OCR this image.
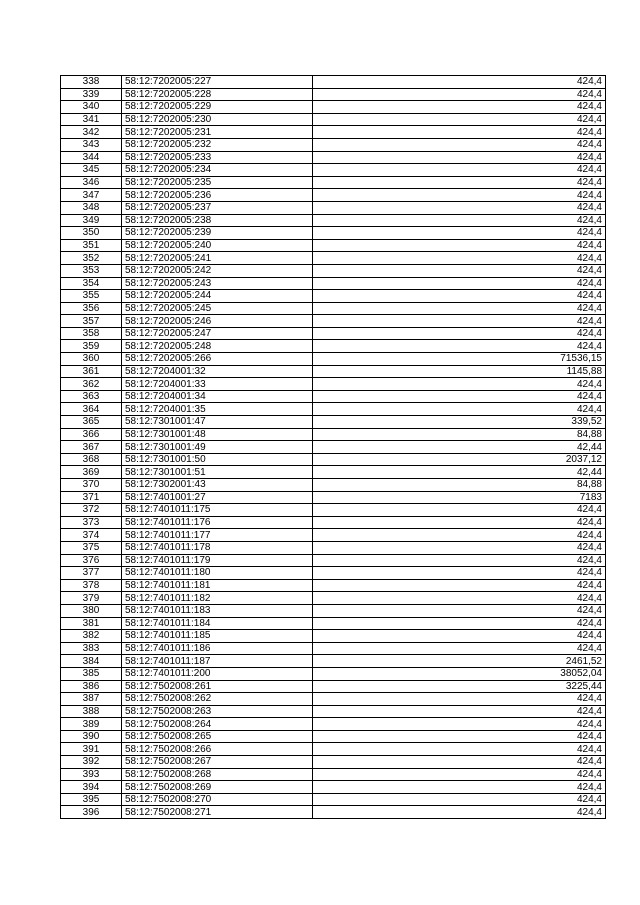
338	58:12:7202005:227	424,4
339	58:12:7202005:228	424,4
340	58:12:7202005:229	424,4
341	58:12:7202005:230	424,4
342	58:12:7202005:231	424,4
343	58:12:7202005:232	424,4
344	58:12:7202005:233	424,4
345	58:12:7202005:234	424,4
346	58:12:7202005:235	424,4
347	58:12:7202005:236	424,4
348	58:12:7202005:237	424,4
349	58:12:7202005:238	424,4
350	58:12:7202005:239	424,4
351	58:12:7202005:240	424,4
352	58:12:7202005:241	424,4
353	58:12:7202005:242	424,4
354	58:12:7202005:243	424,4
355	58:12:7202005:244	424,4
356	58:12:7202005:245	424,4
357	58:12:7202005:246	424,4
358	58:12:7202005:247	424,4
359	58:12:7202005:248	424,4
360	58:12:7202005:266	71536,15
361	58:12:7204001:32	1145,88
362	58:12:7204001:33	424,4
363	58:12:7204001:34	424,4
364	58:12:7204001:35	424,4
365	58:12:7301001:47	339,52
366	58:12:7301001:48	84,88
367	58:12:7301001:49	42,44
368	58:12:7301001:50	2037,12
369	58:12:7301001:51	42,44
370	58:12:7302001:43	84,88
371	58:12:7401001:27	7183
372	58:12:7401011:175	424,4
373	58:12:7401011:176	424,4
374	58:12:7401011:177	424,4
375	58:12:7401011:178	424,4
376	58:12:7401011:179	424,4
377	58:12:7401011:180	424,4
378	58:12:7401011:181	424,4
379	58:12:7401011:182	424,4
380	58:12:7401011:183	424,4
381	58:12:7401011:184	424,4
382	58:12:7401011:185	424,4
383	58:12:7401011:186	424,4
384	58:12:7401011:187	2461,52
385	58:12:7401011:200	38052,04
386	58:12:7502008:261	3225,44
387	58:12:7502008:262	424,4
388	58:12:7502008:263	424,4
389	58:12:7502008:264	424,4
390	58:12:7502008:265	424,4
391	58:12:7502008:266	424,4
392	58:12:7502008:267	424,4
393	58:12:7502008:268	424,4
394	58:12:7502008:269	424,4
395	58:12:7502008:270	424,4
396	58:12:7502008:271	424,4
